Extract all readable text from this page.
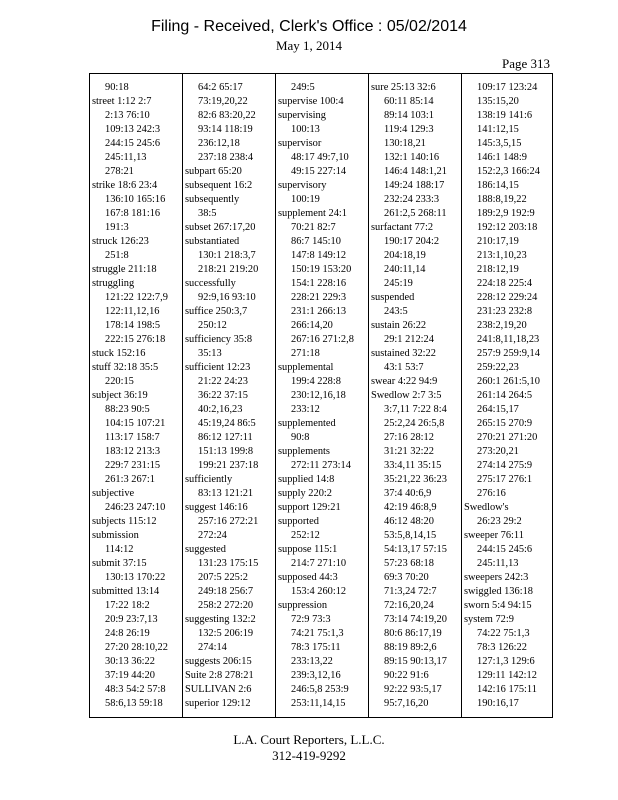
Filing - Received, Clerk's Office : 05/02/2014
May 1, 2014
Page 313
90:18
street 1:12 2:7
2:13 76:10
109:13 242:3
244:15 245:6
245:11,13
278:21
strike 18:6 23:4
136:10 165:16
167:8 181:16
191:3
struck 126:23
251:8
struggle 211:18
struggling
121:22 122:7,9
122:11,12,16
178:14 198:5
222:15 276:18
stuck 152:16
stuff 32:18 35:5
220:15
subject 36:19
88:23 90:5
104:15 107:21
113:17 158:7
183:12 213:3
229:7 231:15
261:3 267:1
subjective
246:23 247:10
subjects 115:12
submission
114:12
submit 37:15
130:13 170:22
submitted 13:14
17:22 18:2
20:9 23:7,13
24:8 26:19
27:20 28:10,22
30:13 36:22
37:19 44:20
48:3 54:2 57:8
58:6,13 59:18
64:2 65:17
73:19,20,22
82:6 83:20,22
93:14 118:19
236:12,18
237:18 238:4
subpart 65:20
subsequent 16:2
subsequently
38:5
subset 267:17,20
substantiated
130:1 218:3,7
218:21 219:20
successfully
92:9,16 93:10
suffice 250:3,7
250:12
sufficiency 35:8
35:13
sufficient 12:23
21:22 24:23
36:22 37:15
40:2,16,23
45:19,24 86:5
86:12 127:11
151:13 199:8
199:21 237:18
sufficiently
83:13 121:21
suggest 146:16
257:16 272:21
272:24
suggested
131:23 175:15
207:5 225:2
249:18 256:7
258:2 272:20
suggesting 132:2
132:5 206:19
274:14
suggests 206:15
Suite 2:8 278:21
SULLIVAN 2:6
superior 129:12
249:5
supervise 100:4
supervising
100:13
supervisor
48:17 49:7,10
49:15 227:14
supervisory
100:19
supplement 24:1
70:21 82:7
86:7 145:10
147:8 149:12
150:19 153:20
154:1 228:16
228:21 229:3
231:1 266:13
266:14,20
267:16 271:2,8
271:18
supplemental
199:4 228:8
230:12,16,18
233:12
supplemented
90:8
supplements
272:11 273:14
supplied 14:8
supply 220:2
support 129:21
supported
252:12
suppose 115:1
214:7 271:10
supposed 44:3
153:4 260:12
suppression
72:9 73:3
74:21 75:1,3
78:3 175:11
233:13,22
239:3,12,16
246:5,8 253:9
253:11,14,15
sure 25:13 32:6
60:11 85:14
89:14 103:1
119:4 129:3
130:18,21
132:1 140:16
146:4 148:1,21
149:24 188:17
232:24 233:3
261:2,5 268:11
surfactant 77:2
190:17 204:2
204:18,19
240:11,14
245:19
suspended
243:5
sustain 26:22
29:1 212:24
sustained 32:22
43:1 53:7
swear 4:22 94:9
Swedlow 2:7 3:5
3:7,11 7:22 8:4
25:2,24 26:5,8
27:16 28:12
31:21 32:22
33:4,11 35:15
35:21,22 36:23
37:4 40:6,9
42:19 46:8,9
46:12 48:20
53:5,8,14,15
54:13,17 57:15
57:23 68:18
69:3 70:20
71:3,24 72:7
72:16,20,24
73:14 74:19,20
80:6 86:17,19
88:19 89:2,6
89:15 90:13,17
90:22 91:6
92:22 93:5,17
95:7,16,20
109:17 123:24
135:15,20
138:19 141:6
141:12,15
145:3,5,15
146:1 148:9
152:2,3 166:24
186:14,15
188:8,19,22
189:2,9 192:9
192:12 203:18
210:17,19
213:1,10,23
218:12,19
224:18 225:4
228:12 229:24
231:23 232:8
238:2,19,20
241:8,11,18,23
257:9 259:9,14
259:22,23
260:1 261:5,10
261:14 264:5
264:15,17
265:15 270:9
270:21 271:20
273:20,21
274:14 275:9
275:17 276:1
276:16
Swedlow's
26:23 29:2
sweeper 76:11
244:15 245:6
245:11,13
sweepers 242:3
swiggled 136:18
sworn 5:4 94:15
system 72:9
74:22 75:1,3
78:3 126:22
127:1,3 129:6
129:11 142:12
142:16 175:11
190:16,17
L.A. Court Reporters, L.L.C.
312-419-9292
